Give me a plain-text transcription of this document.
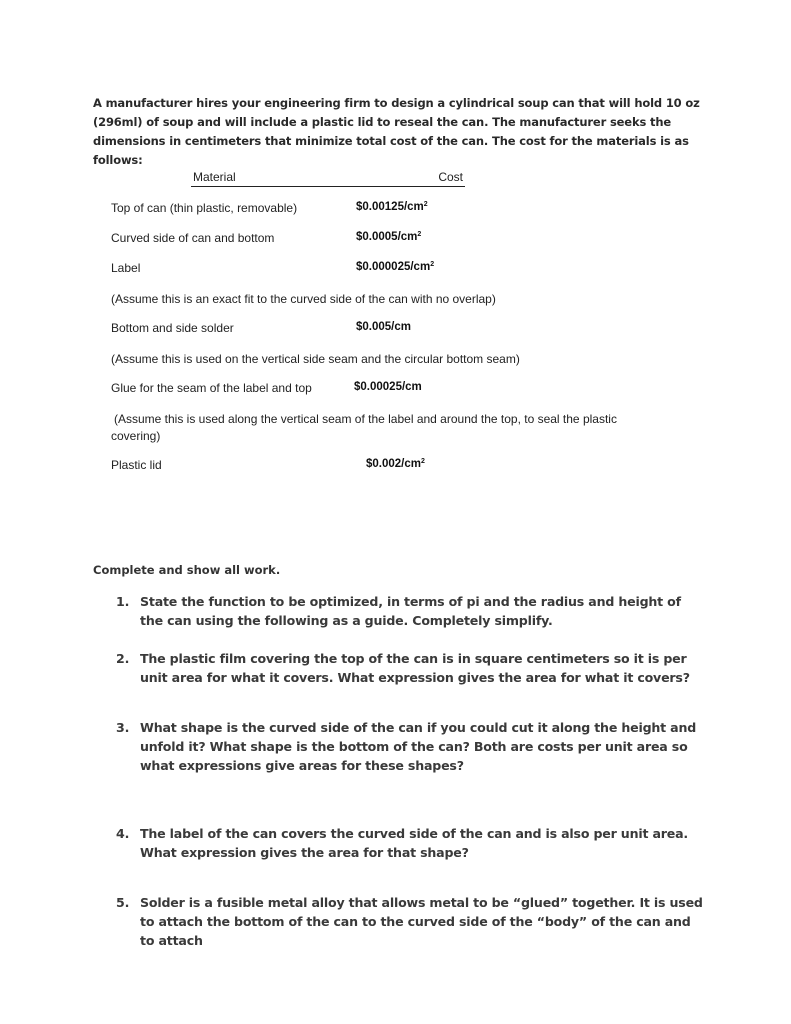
A manufacturer hires your engineering firm to design a cylindrical soup can that will hold 10 oz (296ml) of soup and will include a plastic lid to reseal the can. The manufacturer seeks the dimensions in centimeters that minimize total cost of the can. The cost for the materials is as follows:
Material	Cost
Top of can (thin plastic, removable)	$\$0.00125/cm^2$
Curved side of can and bottom	$\$0.0005/cm^2$
Label	$\$0.000025/cm^2$
(Assume this is an exact fit to the curved side of the can with no overlap)
Bottom and side solder	$0.005/cm
(Assume this is used on the vertical side seam and the circular bottom seam)
Glue for the seam of the label and top	$0.00025/cm
(Assume this is used along the vertical seam of the label and around the top, to seal the plastic covering)
Plastic lid	$\$0.002/cm^2$
Complete and show all work.
1. State the function to be optimized, in terms of pi and the radius and height of the can using the following as a guide. Completely simplify.
2. The plastic film covering the top of the can is in square centimeters so it is per unit area for what it covers. What expression gives the area for what it covers?
3. What shape is the curved side of the can if you could cut it along the height and unfold it? What shape is the bottom of the can? Both are costs per unit area so what expressions give areas for these shapes?
4. The label of the can covers the curved side of the can and is also per unit area. What expression gives the area for that shape?
5. Solder is a fusible metal alloy that allows metal to be “glued” together. It is used to attach the bottom of the can to the curved side of the “body” of the can and to attach
